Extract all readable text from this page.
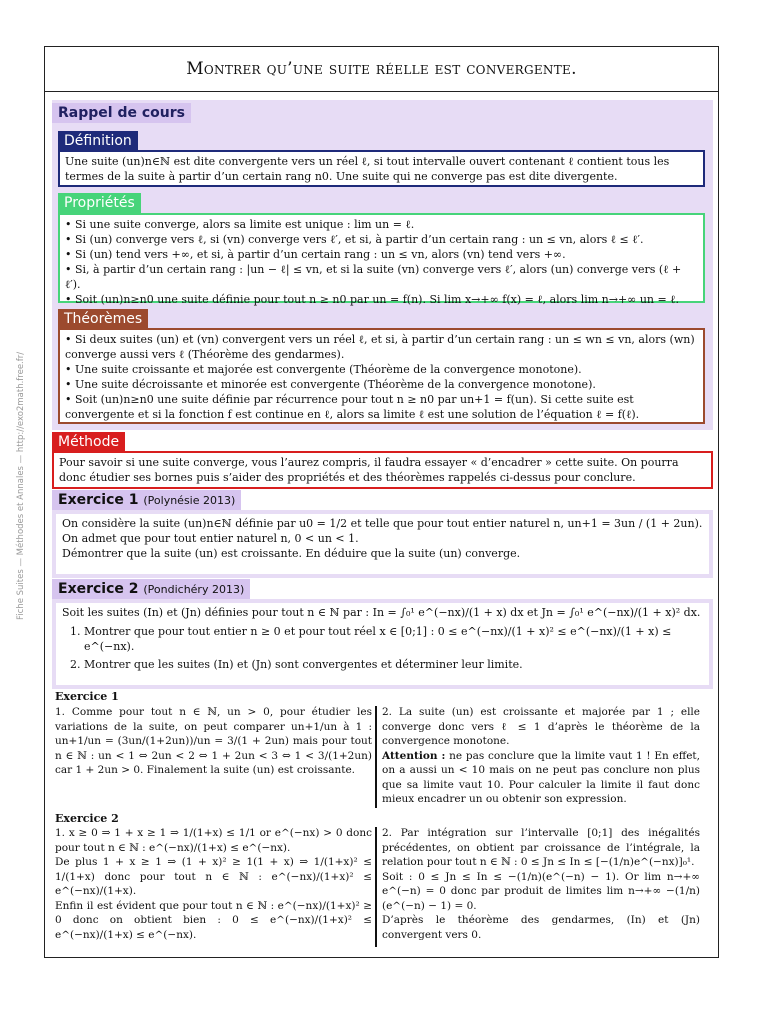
Montrer qu’une suite réelle est convergente.
Fiche Suites — Méthodes et Annales — http://exo2math.free.fr/
Rappel de cours
Définition

Une suite (un)n∈ℕ est dite convergente vers un réel ℓ, si tout intervalle ouvert contenant ℓ contient tous les termes de la suite à partir d’un certain rang n0. Une suite qui ne converge pas est dite divergente.

Propriétés
• Si une suite converge, alors sa limite est unique : lim un = ℓ.
• Si (un) converge vers ℓ, si (vn) converge vers ℓ′, et si, à partir d’un certain rang : un ≤ vn, alors ℓ ≤ ℓ′.
• Si (un) tend vers +∞, et si, à partir d’un certain rang : un ≤ vn, alors (vn) tend vers +∞.
• Si, à partir d’un certain rang : |un − ℓ| ≤ vn, et si la suite (vn) converge vers ℓ′, alors (un) converge vers (ℓ + ℓ′).
• Soit (un)n≥n0 une suite définie pour tout n ≥ n0 par un = f(n). Si lim x→+∞ f(x) = ℓ, alors lim n→+∞ un = ℓ.
Théorèmes
• Si deux suites (un) et (vn) convergent vers un réel ℓ, et si, à partir d’un certain rang : un ≤ wn ≤ vn, alors (wn) converge aussi vers ℓ (Théorème des gendarmes).
• Une suite croissante et majorée est convergente (Théorème de la convergence monotone).
• Une suite décroissante et minorée est convergente (Théorème de la convergence monotone).
• Soit (un)n≥n0 une suite définie par récurrence pour tout n ≥ n0 par un+1 = f(un). Si cette suite est convergente et si la fonction f est continue en ℓ, alors sa limite ℓ est une solution de l’équation ℓ = f(ℓ).
Méthode

Pour savoir si une suite converge, vous l’aurez compris, il faudra essayer « d’encadrer » cette suite. On pourra donc étudier ses bornes puis s’aider des propriétés et des théorèmes rappelés ci-dessus pour conclure.

Exercice 1 (Polynésie 2013)

On considère la suite (un)n∈ℕ définie par u0 = 1/2 et telle que pour tout entier naturel n, un+1 = 3un / (1 + 2un).

On admet que pour tout entier naturel n, 0 < un < 1.

Démontrer que la suite (un) est croissante. En déduire que la suite (un) converge.

Exercice 2 (Pondichéry 2013)

Soit les suites (In) et (Jn) définies pour tout n ∈ ℕ par : In = ∫₀¹ e^(−nx)/(1 + x) dx et Jn = ∫₀¹ e^(−nx)/(1 + x)² dx.

1. Montrer que pour tout entier n ≥ 0 et pour tout réel x ∈ [0;1] : 0 ≤ e^(−nx)/(1 + x)² ≤ e^(−nx)/(1 + x) ≤ e^(−nx).
2. Montrer que les suites (In) et (Jn) sont convergentes et déterminer leur limite.
Exercice 1

1. Comme pour tout n ∈ ℕ, un > 0, pour étudier les variations de la suite, on peut comparer un+1/un à 1 : un+1/un = (3un/(1+2un))/un = 3/(1 + 2un) mais pour tout n ∈ ℕ : un < 1 ⇔ 2un < 2 ⇔ 1 + 2un < 3 ⇔ 1 < 3/(1+2un) car 1 + 2un > 0. Finalement la suite (un) est croissante.

2. La suite (un) est croissante et majorée par 1 ; elle converge donc vers ℓ ≤ 1 d’après le théorème de la convergence monotone.

Attention : ne pas conclure que la limite vaut 1 ! En effet, on a aussi un < 10 mais on ne peut pas conclure non plus que sa limite vaut 10. Pour calculer la limite il faut donc mieux encadrer un ou obtenir son expression.

Exercice 2

1. x ≥ 0 ⇒ 1 + x ≥ 1 ⇒ 1/(1+x) ≤ 1/1 or e^(−nx) > 0 donc pour tout n ∈ ℕ : e^(−nx)/(1+x) ≤ e^(−nx).

De plus 1 + x ≥ 1 ⇒ (1 + x)² ≥ 1(1 + x) ⇒ 1/(1+x)² ≤ 1/(1+x) donc pour tout n ∈ ℕ : e^(−nx)/(1+x)² ≤ e^(−nx)/(1+x).

Enfin il est évident que pour tout n ∈ ℕ : e^(−nx)/(1+x)² ≥ 0 donc on obtient bien : 0 ≤ e^(−nx)/(1+x)² ≤ e^(−nx)/(1+x) ≤ e^(−nx).

2. Par intégration sur l’intervalle [0;1] des inégalités précédentes, on obtient par croissance de l’intégrale, la relation pour tout n ∈ ℕ : 0 ≤ Jn ≤ In ≤ [−(1/n)e^(−nx)]₀¹.

Soit : 0 ≤ Jn ≤ In ≤ −(1/n)(e^(−n) − 1). Or lim n→+∞ e^(−n) = 0 donc par produit de limites lim n→+∞ −(1/n)(e^(−n) − 1) = 0.

D’après le théorème des gendarmes, (In) et (Jn) convergent vers 0.
